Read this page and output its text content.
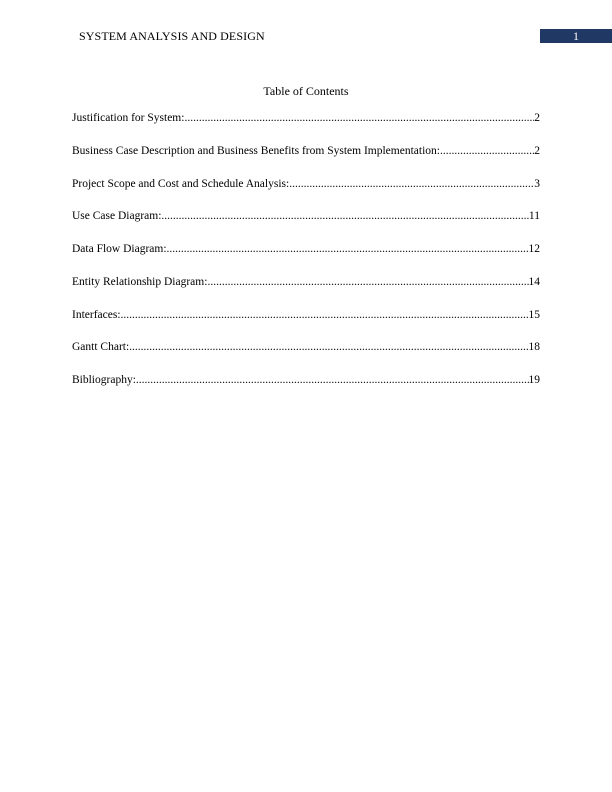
SYSTEM ANALYSIS AND DESIGN	1
Table of Contents
Justification for System: .....	2
Business Case Description and Business Benefits from System Implementation: .....	2
Project Scope and Cost and Schedule Analysis: .....	3
Use Case Diagram: .....	11
Data Flow Diagram: .....	12
Entity Relationship Diagram: .....	14
Interfaces: .....	15
Gantt Chart: .....	18
Bibliography: .....	19
